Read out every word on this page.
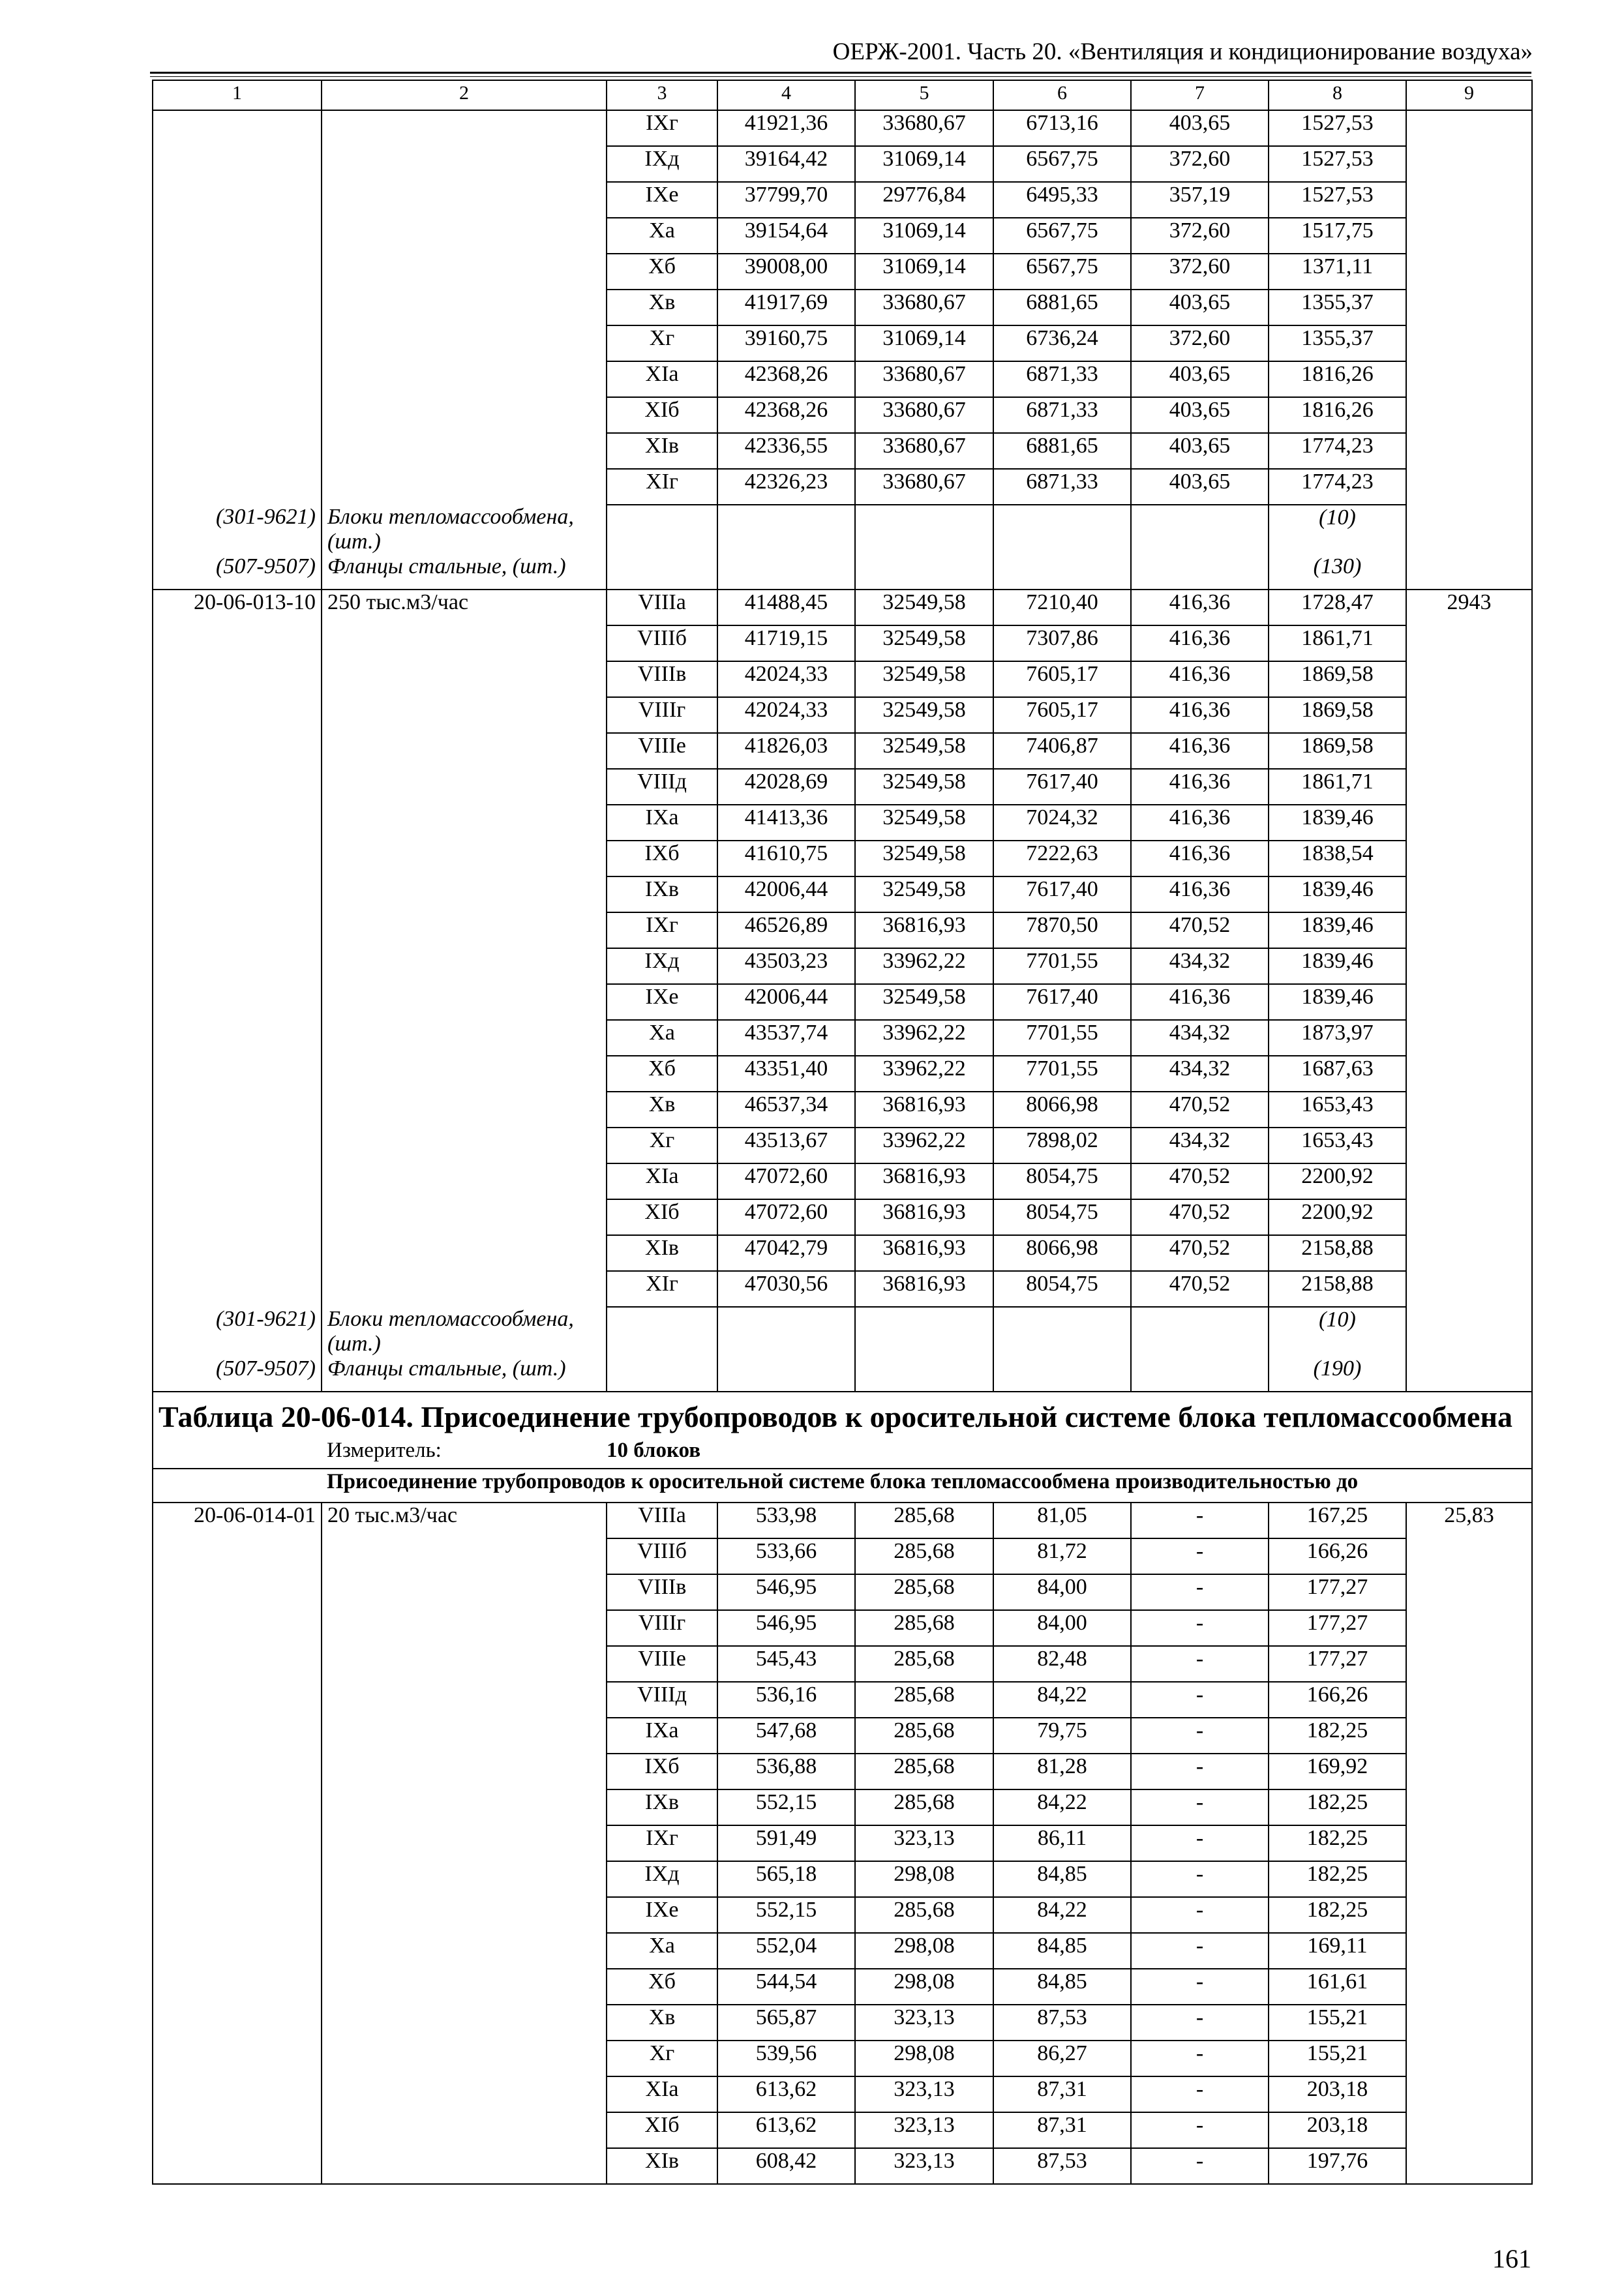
ОЕРЖ-2001. Часть 20. «Вентиляция и кондиционирование воздуха»
1	2	3	4	5	6	7	8	9
		IXг	41921,36	33680,67	6713,16	403,65	1527,53	
		IXд	39164,42	31069,14	6567,75	372,60	1527,53	
		IXе	37799,70	29776,84	6495,33	357,19	1527,53	
		Xа	39154,64	31069,14	6567,75	372,60	1517,75	
		Xб	39008,00	31069,14	6567,75	372,60	1371,11	
		Xв	41917,69	33680,67	6881,65	403,65	1355,37	
		Xг	39160,75	31069,14	6736,24	372,60	1355,37	
		XIа	42368,26	33680,67	6871,33	403,65	1816,26	
		XIб	42368,26	33680,67	6871,33	403,65	1816,26	
		XIв	42336,55	33680,67	6881,65	403,65	1774,23	
		XIг	42326,23	33680,67	6871,33	403,65	1774,23	
(301-9621)	Блоки тепломассообмена, (шт.)						(10)	
(507-9507)	Фланцы стальные, (шт.)						(130)	
20-06-013-10	250 тыс.м3/час	VIIIа	41488,45	32549,58	7210,40	416,36	1728,47	2943
		VIIIб	41719,15	32549,58	7307,86	416,36	1861,71	
		VIIIв	42024,33	32549,58	7605,17	416,36	1869,58	
		VIIIг	42024,33	32549,58	7605,17	416,36	1869,58	
		VIIIе	41826,03	32549,58	7406,87	416,36	1869,58	
		VIIIд	42028,69	32549,58	7617,40	416,36	1861,71	
		IXа	41413,36	32549,58	7024,32	416,36	1839,46	
		IXб	41610,75	32549,58	7222,63	416,36	1838,54	
		IXв	42006,44	32549,58	7617,40	416,36	1839,46	
		IXг	46526,89	36816,93	7870,50	470,52	1839,46	
		IXд	43503,23	33962,22	7701,55	434,32	1839,46	
		IXе	42006,44	32549,58	7617,40	416,36	1839,46	
		Xа	43537,74	33962,22	7701,55	434,32	1873,97	
		Xб	43351,40	33962,22	7701,55	434,32	1687,63	
		Xв	46537,34	36816,93	8066,98	470,52	1653,43	
		Xг	43513,67	33962,22	7898,02	434,32	1653,43	
		XIа	47072,60	36816,93	8054,75	470,52	2200,92	
		XIб	47072,60	36816,93	8054,75	470,52	2200,92	
		XIв	47042,79	36816,93	8066,98	470,52	2158,88	
		XIг	47030,56	36816,93	8054,75	470,52	2158,88	
(301-9621)	Блоки тепломассообмена, (шт.)						(10)	
(507-9507)	Фланцы стальные, (шт.)						(190)	
Таблица 20-06-014. Присоединение трубопроводов к оросительной системе блока тепломассообмена								
	Измеритель:	10 блоков						
	Присоединение трубопроводов к оросительной системе блока тепломассообмена производительностью до							
20-06-014-01	20 тыс.м3/час	VIIIа	533,98	285,68	81,05	-	167,25	25,83
		VIIIб	533,66	285,68	81,72	-	166,26	
		VIIIв	546,95	285,68	84,00	-	177,27	
		VIIIг	546,95	285,68	84,00	-	177,27	
		VIIIе	545,43	285,68	82,48	-	177,27	
		VIIIд	536,16	285,68	84,22	-	166,26	
		IXа	547,68	285,68	79,75	-	182,25	
		IXб	536,88	285,68	81,28	-	169,92	
		IXв	552,15	285,68	84,22	-	182,25	
		IXг	591,49	323,13	86,11	-	182,25	
		IXд	565,18	298,08	84,85	-	182,25	
		IXе	552,15	285,68	84,22	-	182,25	
		Xа	552,04	298,08	84,85	-	169,11	
		Xб	544,54	298,08	84,85	-	161,61	
		Xв	565,87	323,13	87,53	-	155,21	
		Xг	539,56	298,08	86,27	-	155,21	
		XIа	613,62	323,13	87,31	-	203,18	
		XIб	613,62	323,13	87,31	-	203,18	
		XIв	608,42	323,13	87,53	-	197,76	
161
